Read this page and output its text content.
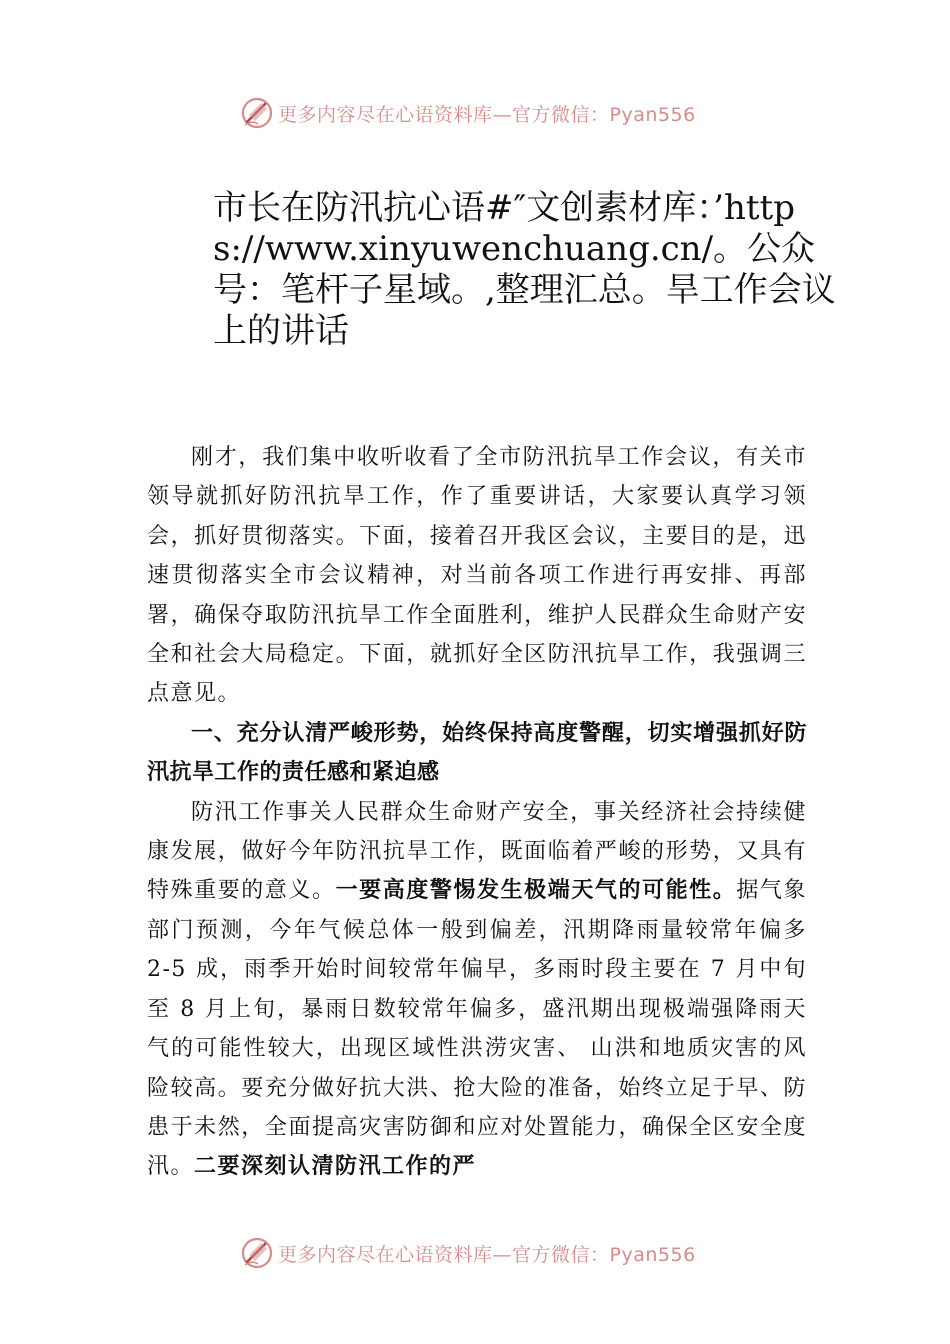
更多内容尽在心语资料库—官方微信：Pyan556
市长在防汛抗心语#″文创素材库：’https://www.xinyuwenchuang.cn/。公众号：笔杆子星域。,整理汇总。旱工作会议上的讲话

刚才，我们集中收听收看了全市防汛抗旱工作会议，有关市领导就抓好防汛抗旱工作，作了重要讲话，大家要认真学习领会，抓好贯彻落实。下面，接着召开我区会议，主要目的是，迅速贯彻落实全市会议精神，对当前各项工作进行再安排、再部署，确保夺取防汛抗旱工作全面胜利，维护人民群众生命财产安全和社会大局稳定。下面，就抓好全区防汛抗旱工作，我强调三点意见。

一、充分认清严峻形势，始终保持高度警醒，切实增强抓好防汛抗旱工作的责任感和紧迫感

防汛工作事关人民群众生命财产安全，事关经济社会持续健康发展，做好今年防汛抗旱工作，既面临着严峻的形势，又具有特殊重要的意义。一要高度警惕发生极端天气的可能性。据气象部门预测，今年气候总体一般到偏差，汛期降雨量较常年偏多 2-5 成，雨季开始时间较常年偏早，多雨时段主要在 7 月中旬至 8 月上旬，暴雨日数较常年偏多，盛汛期出现极端强降雨天气的可能性较大，出现区域性洪涝灾害、 山洪和地质灾害的风险较高。要充分做好抗大洪、抢大险的准备，始终立足于早、防患于未然，全面提高灾害防御和应对处置能力，确保全区安全度汛。二要深刻认清防汛工作的严

更多内容尽在心语资料库—官方微信：Pyan556
